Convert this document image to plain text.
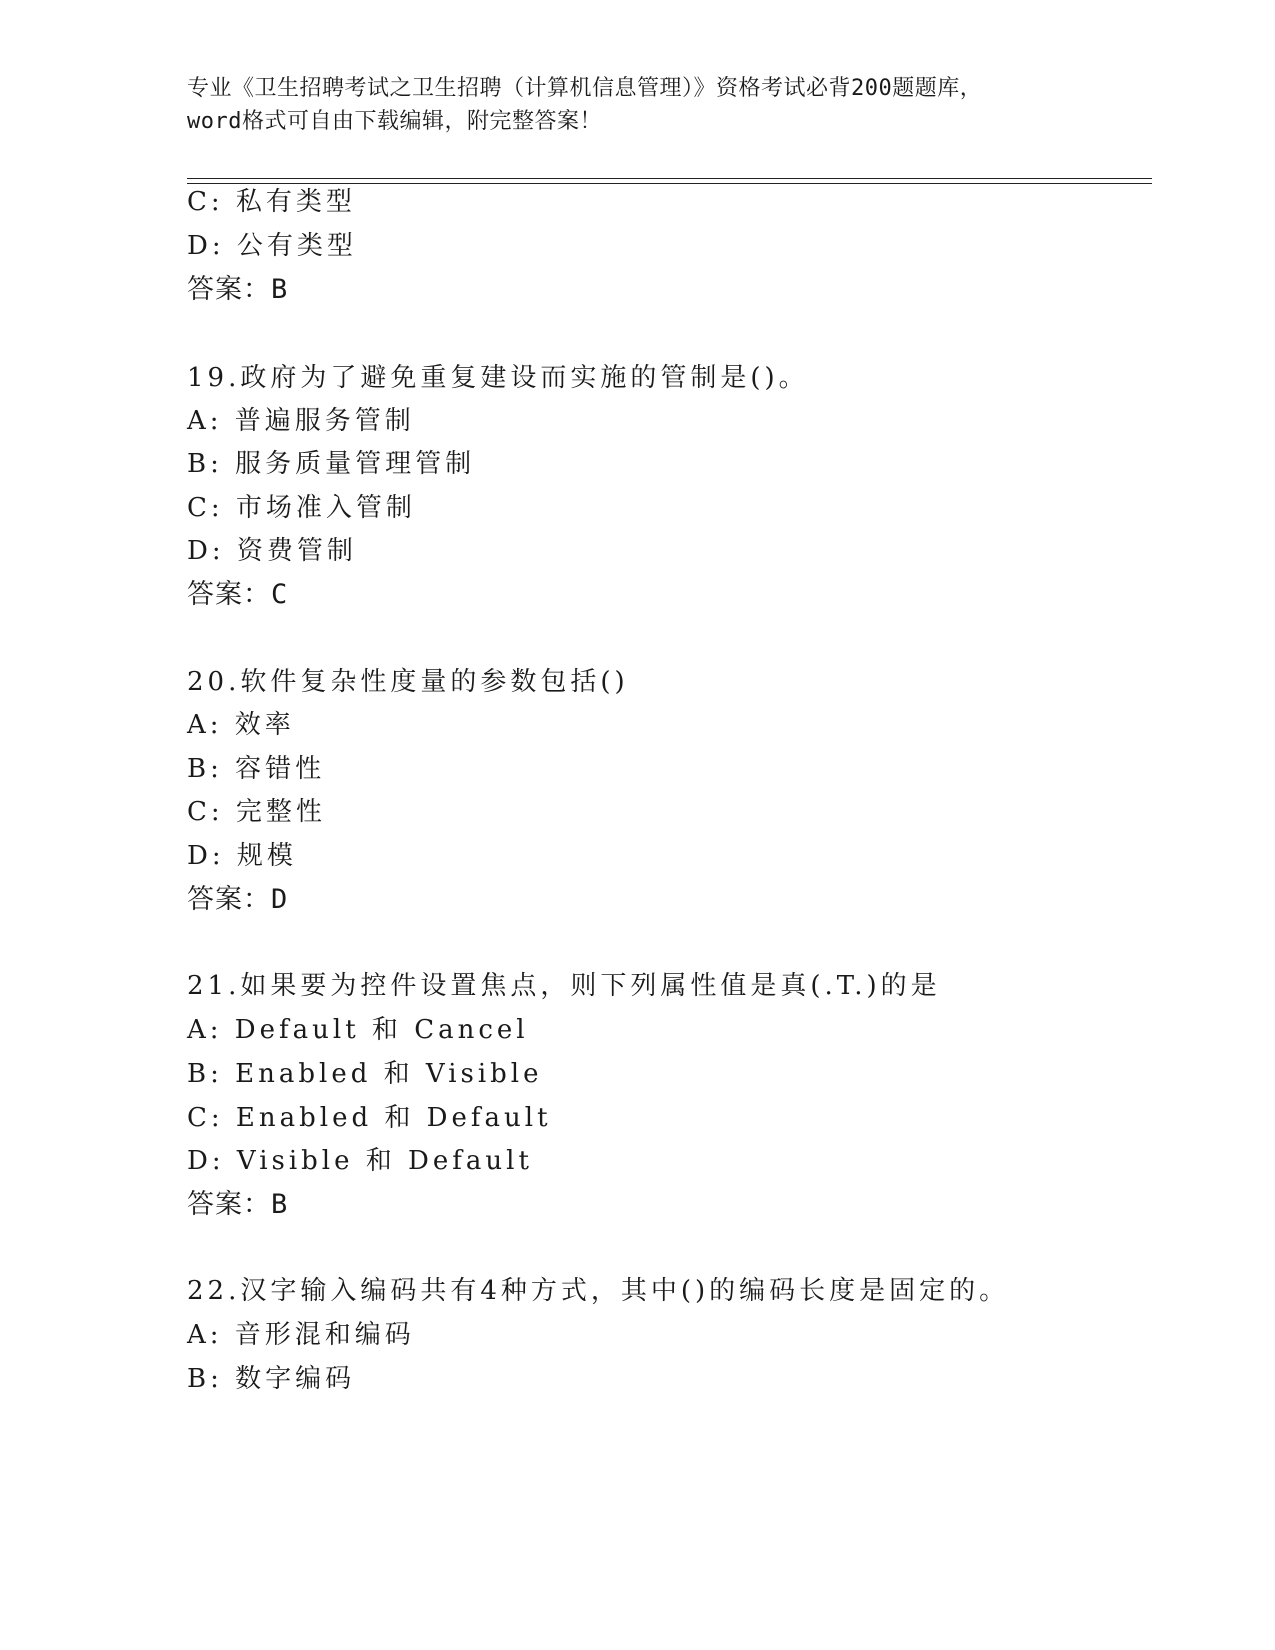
专业《卫生招聘考试之卫生招聘（计算机信息管理）》资格考试必背200题题库，
word格式可自由下载编辑，附完整答案！
C: 私有类型
D: 公有类型
答案：B
19.政府为了避免重复建设而实施的管制是()。
A: 普遍服务管制
B: 服务质量管理管制
C: 市场准入管制
D: 资费管制
答案：C
20.软件复杂性度量的参数包括()
A: 效率
B: 容错性
C: 完整性
D: 规模
答案：D
21.如果要为控件设置焦点，则下列属性值是真(.T.)的是
A: Default 和 Cancel
B: Enabled 和 Visible
C: Enabled 和 Default
D: Visible 和 Default
答案：B
22.汉字输入编码共有4种方式，其中()的编码长度是固定的。
A: 音形混和编码
B: 数字编码
